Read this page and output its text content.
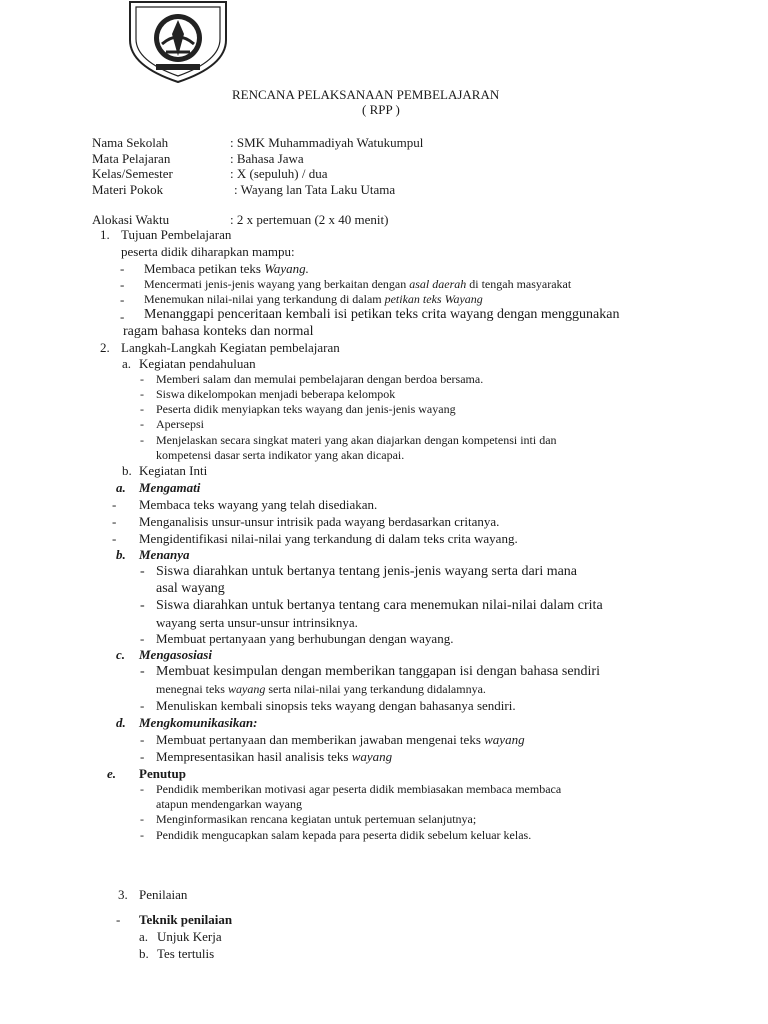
RENCANA PELAKSANAAN PEMBELAJARAN
( RPP )
Nama Sekolah	: SMK Muhammadiyah Watukumpul
Mata Pelajaran	: Bahasa Jawa
Kelas/Semester	: X (sepuluh) / dua
Materi Pokok	: Wayang lan Tata Laku Utama
Alokasi Waktu	: 2 x pertemuan (2 x 40 menit)
1. Tujuan Pembelajaran
peserta didik diharapkan mampu:
- Membaca petikan teks Wayang.
- Mencermati jenis-jenis wayang yang berkaitan dengan asal daerah di tengah masyarakat
- Menemukan nilai-nilai yang terkandung di dalam petikan teks Wayang
- Menanggapi penceritaan kembali isi petikan teks crita wayang dengan menggunakan
ragam bahasa konteks dan normal
2. Langkah-Langkah Kegiatan pembelajaran
a. Kegiatan pendahuluan
- Memberi salam dan memulai pembelajaran dengan berdoa bersama.
- Siswa dikelompokan menjadi beberapa kelompok
- Peserta didik menyiapkan teks wayang dan jenis-jenis wayang
- Apersepsi
- Menjelaskan secara singkat materi yang akan diajarkan dengan kompetensi inti dan
kompetensi dasar serta indikator yang akan dicapai.
b. Kegiatan Inti
a. Mengamati
- Membaca teks wayang yang telah disediakan.
- Menganalisis unsur-unsur intrisik pada wayang berdasarkan critanya.
- Mengidentifikasi nilai-nilai yang terkandung di dalam teks crita wayang.
b. Menanya
- Siswa diarahkan untuk bertanya tentang jenis-jenis wayang serta dari mana
asal wayang
- Siswa diarahkan untuk bertanya tentang cara menemukan nilai-nilai dalam crita
wayang serta unsur-unsur intrinsiknya.
- Membuat pertanyaan yang berhubungan dengan wayang.
c. Mengasosiasi
- Membuat kesimpulan dengan memberikan tanggapan isi dengan bahasa sendiri
menegnai teks wayang serta nilai-nilai yang terkandung didalamnya.
- Menuliskan kembali sinopsis teks wayang dengan bahasanya sendiri.
d. Mengkomunikasikan:
- Membuat pertanyaan dan memberikan jawaban mengenai teks wayang
- Mempresentasikan hasil analisis teks wayang
e. Penutup
- Pendidik memberikan motivasi agar peserta didik membiasakan membaca membaca
atapun mendengarkan wayang
- Menginformasikan rencana kegiatan untuk pertemuan selanjutnya;
- Pendidik mengucapkan salam kepada para peserta didik sebelum keluar kelas.
3. Penilaian
- Teknik penilaian
a. Unjuk Kerja
b. Tes tertulis
